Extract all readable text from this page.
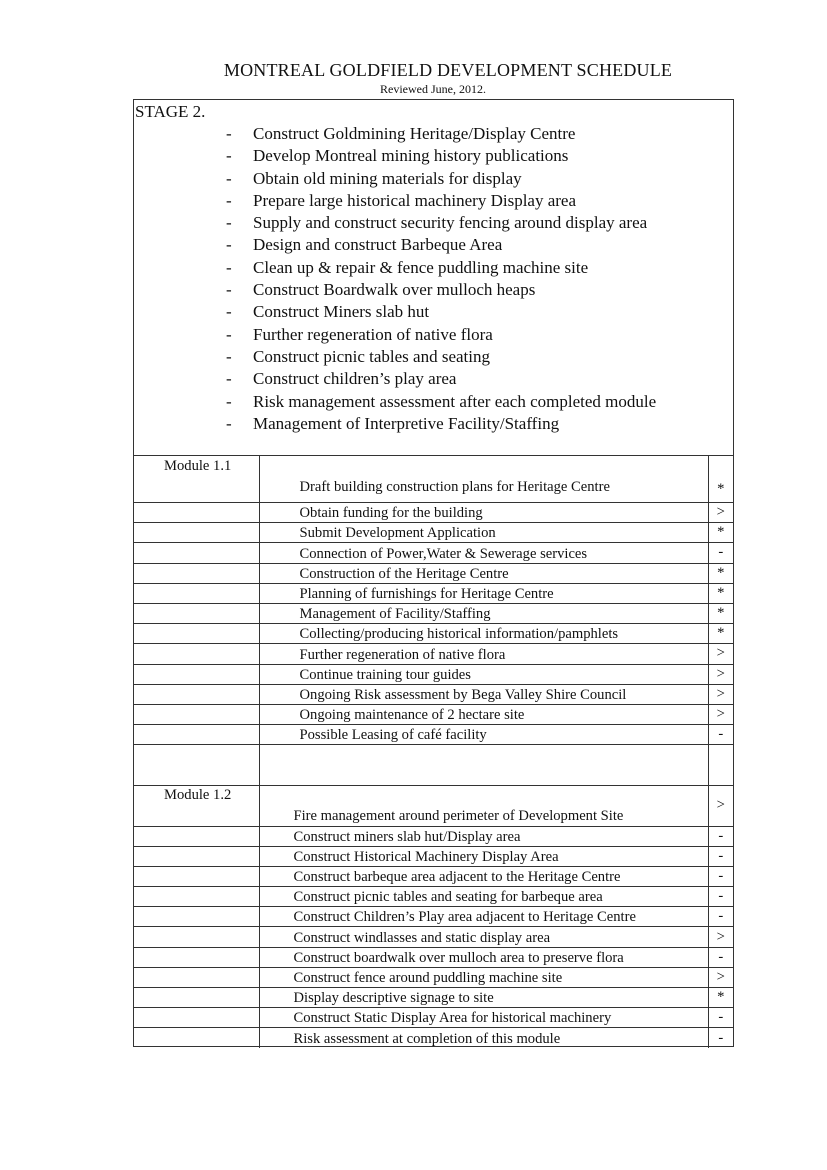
MONTREAL GOLDFIELD DEVELOPMENT SCHEDULE
Reviewed June, 2012.
STAGE 2.
- Construct Goldmining Heritage/Display Centre
- Develop Montreal mining history publications
- Obtain old mining materials for display
- Prepare large historical machinery Display area
- Supply and construct security fencing around display area
- Design and construct Barbeque Area
- Clean up & repair & fence puddling machine site
- Construct Boardwalk over mulloch heaps
- Construct Miners slab hut
- Further regeneration of native flora
- Construct picnic tables and seating
- Construct children’s play area
- Risk management assessment after each completed module
- Management of Interpretive Facility/Staffing
Module 1.1	Draft building construction plans for Heritage Centre	*
	Obtain funding for the building	>
	Submit Development Application	*
	Connection of Power,Water & Sewerage services	-
	Construction of the Heritage Centre	*
	Planning of furnishings for Heritage Centre	*
	Management of Facility/Staffing	*
	Collecting/producing historical information/pamphlets	*
	Further regeneration of native flora	>
	Continue training tour guides	>
	Ongoing Risk assessment by Bega Valley Shire Council	>
	Ongoing maintenance of 2 hectare site	>
	Possible Leasing of café facility	-

Module 1.2	Fire management around perimeter of Development Site	>
	Construct miners slab hut/Display area	-
	Construct Historical Machinery Display Area	-
	Construct barbeque area adjacent to the Heritage Centre	-
	Construct picnic tables and seating for barbeque area	-
	Construct Children’s Play area adjacent to Heritage Centre	-
	Construct windlasses and static display area	>
	Construct boardwalk over mulloch area to preserve flora	-
	Construct fence around puddling machine site	>
	Display descriptive signage to site	*
	Construct Static Display Area for historical machinery	-
	Risk assessment at completion of this module	-
